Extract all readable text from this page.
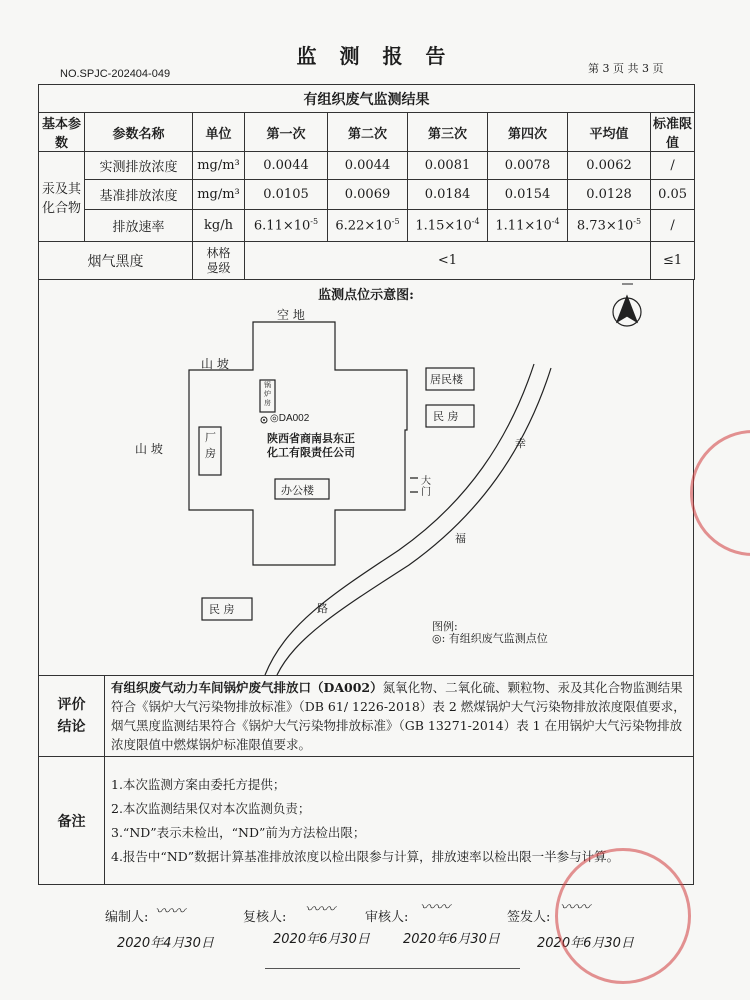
监 测 报 告
NO.SPJC-202404-049	第 3 页 共 3 页
有组织废气监测结果								
基本参数	参数名称	单位	第一次	第二次	第三次	第四次	平均值	标准限值
汞及其化合物	实测排放浓度	mg/m³	0.0044	0.0044	0.0081	0.0078	0.0062	/
	基准排放浓度	mg/m³	0.0105	0.0069	0.0184	0.0154	0.0128	0.05
	排放速率	kg/h	$6.11\times 10^{-5}$	$6.22\times 10^{-5}$	$1.15\times 10^{-4}$	$1.11\times 10^{-4}$	$8.73\times 10^{-5}$	/
烟气黑度		林格曼级	<1					≤1
监测点位示意图:
空 地
山 坡
山 坡
厂房
锅炉房
◎DA002
陕西省商南县东正
化工有限责任公司
办公楼
大门
居民楼
民 房
民 房
幸
福
路
图例:
◎: 有组织废气监测点位
评价结论	有组织废气动力车间锅炉废气排放口（DA002）氮氧化物、二氧化硫、颗粒物、汞及其化合物监测结果符合《锅炉大气污染物排放标准》（DB 61/ 1226-2018）表 2 燃煤锅炉大气污染物排放浓度限值要求，烟气黑度监测结果符合《锅炉大气污染物排放标准》（GB 13271-2014）表 1 在用锅炉大气污染物排放浓度限值中燃煤锅炉标准限值要求。
备注	1.本次监测方案由委托方提供；
2.本次监测结果仅对本次监测负责；
3.“ND”表示未检出，“ND”前为方法检出限；
4.报告中“ND”数据计算基准排放浓度以检出限参与计算，排放速率以检出限一半参与计算。
编制人: 〰〰	复核人: 〰〰 审核人:
〰〰
签发人:
〰〰
2020年4月30日	2020年6月30日	2020年6月30日	2020年6月30日
